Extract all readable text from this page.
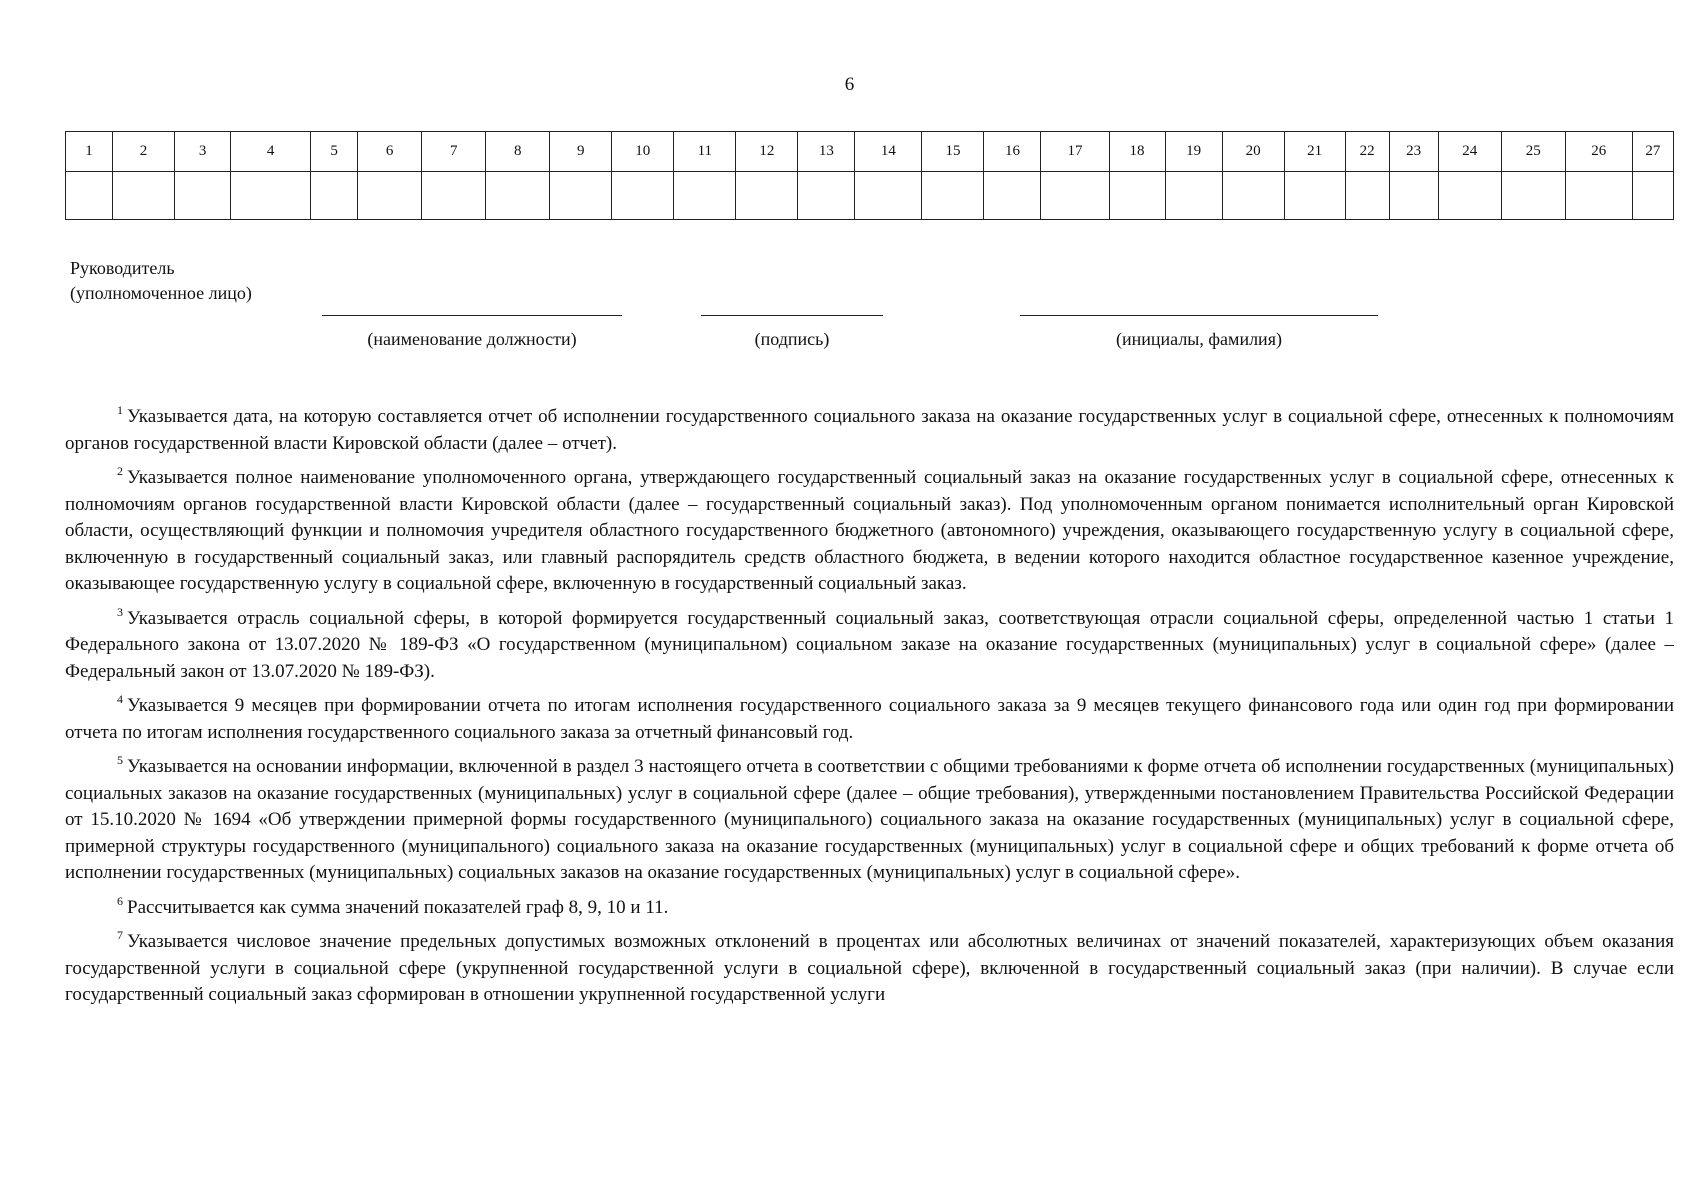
6
1	2	3	4	5	6	7	8	9	10	11	12	13	14	15	16	17	18	19	20	21	22	23	24	25	26	27

Руководитель
(уполномоченное лицо)
(наименование должности)	(подпись)	(инициалы, фамилия)

$^1$ Указывается дата, на которую составляется отчет об исполнении государственного социального заказа на оказание государственных услуг в социальной сфере, отнесенных к полномочиям органов государственной власти Кировской области (далее – отчет).

$^2$ Указывается полное наименование уполномоченного органа, утверждающего государственный социальный заказ на оказание государственных услуг в социальной сфере, отнесенных к полномочиям органов государственной власти Кировской области (далее – государственный социальный заказ). Под уполномоченным органом понимается исполнительный орган Кировской области, осуществляющий функции и полномочия учредителя областного государственного бюджетного (автономного) учреждения, оказывающего государственную услугу в социальной сфере, включенную в государственный социальный заказ, или главный распорядитель средств областного бюджета, в ведении которого находится областное государственное казенное учреждение, оказывающее государственную услугу в социальной сфере, включенную в государственный социальный заказ.

$^3$ Указывается отрасль социальной сферы, в которой формируется государственный социальный заказ, соответствующая отрасли социальной сферы, определенной частью 1 статьи 1 Федерального закона от 13.07.2020 № 189-ФЗ «О государственном (муниципальном) социальном заказе на оказание государственных (муниципальных) услуг в социальной сфере» (далее – Федеральный закон от 13.07.2020 № 189-ФЗ).

$^4$ Указывается 9 месяцев при формировании отчета по итогам исполнения государственного социального заказа за 9 месяцев текущего финансового года или один год при формировании отчета по итогам исполнения государственного социального заказа за отчетный финансовый год.

$^5$ Указывается на основании информации, включенной в раздел 3 настоящего отчета в соответствии с общими требованиями к форме отчета об исполнении государственных (муниципальных) социальных заказов на оказание государственных (муниципальных) услуг в социальной сфере (далее – общие требования), утвержденными постановлением Правительства Российской Федерации от 15.10.2020 № 1694 «Об утверждении примерной формы государственного (муниципального) социального заказа на оказание государственных (муниципальных) услуг в социальной сфере, примерной структуры государственного (муниципального) социального заказа на оказание государственных (муниципальных) услуг в социальной сфере и общих требований к форме отчета об исполнении государственных (муниципальных) социальных заказов на оказание государственных (муниципальных) услуг в социальной сфере».

$^6$ Рассчитывается как сумма значений показателей граф 8, 9, 10 и 11.

$^7$ Указывается числовое значение предельных допустимых возможных отклонений в процентах или абсолютных величинах от значений показателей, характеризующих объем оказания государственной услуги в социальной сфере (укрупненной государственной услуги в социальной сфере), включенной в государственный социальный заказ (при наличии). В случае если государственный социальный заказ сформирован в отношении укрупненной государственной услуги
